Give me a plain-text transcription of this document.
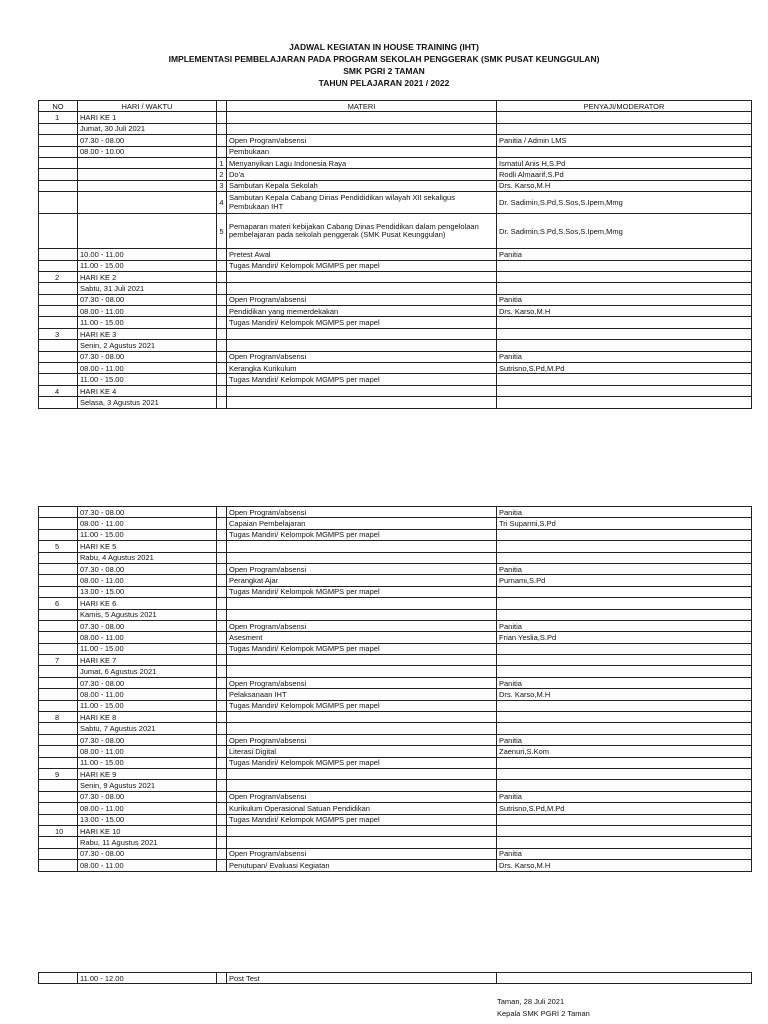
JADWAL KEGIATAN IN HOUSE TRAINING (IHT)
IMPLEMENTASI PEMBELAJARAN PADA PROGRAM SEKOLAH PENGGERAK (SMK PUSAT KEUNGGULAN)
SMK PGRI 2 TAMAN
TAHUN PELAJARAN 2021 / 2022
NO	HARI / WAKTU		MATERI	PENYAJI/MODERATOR
1	HARI KE 1			
	Jumat, 30 Juli 2021			
	07.30 - 08.00		Open Program/absensi	Panitia / Admin LMS
	08.00 - 10.00		Pembukaan	
		1	Menyanyikan Lagu Indonesia Raya	Ismatul Anis H,S.Pd
		2	Do'a	Rodli Almaarif,S.Pd
		3	Sambutan Kepala Sekolah	Drs. Karso,M.H
		4	Sambutan Kepala Cabang Dinas Pendididikan wilayah XII sekaligus Pembukaan IHT	Dr. Sadimin,S.Pd,S.Sos,S.Ipem,Mmg
		5	Pemaparan materi kebijakan Cabang Dinas Pendidikan dalam pengelolaan pembelajaran pada sekolah penggerak (SMK Pusat Keunggulan)	Dr. Sadimin,S.Pd,S.Sos,S.Ipem,Mmg
	10.00 - 11.00		Pretest Awal	Panitia
	11.00 - 15.00		Tugas Mandiri/ Kelompok MGMPS per mapel	
2	HARI KE 2			
	Sabtu, 31 Juli 2021			
	07.30 - 08.00		Open Program/absensi	Panitia
	08.00 - 11.00		Pendidikan yang memerdekakan	Drs. Karso,M.H
	11.00 - 15.00		Tugas Mandiri/ Kelompok MGMPS per mapel	
3	HARI KE 3			
	Senin, 2 Agustus 2021			
	07.30 - 08.00		Open Program/absensi	Panitia
	08.00 - 11.00		Kerangka Kurikulum	Sutrisno,S.Pd,M.Pd
	11.00 - 15.00		Tugas Mandiri/ Kelompok MGMPS per mapel	
4	HARI KE 4			
	Selasa, 3 Agustus 2021			
	07.30 - 08.00		Open Program/absensi	Panitia
	08.00 - 11.00		Capaian Pembelajaran	Tri Suparmi,S.Pd
	11.00 - 15.00		Tugas Mandiri/ Kelompok MGMPS per mapel	
5	HARI KE 5			
	Rabu, 4 Agustus 2021			
	07.30 - 08.00		Open Program/absensi	Panitia
	08.00 - 11.00		Perangkat Ajar	Purnami,S.Pd
	13.00 - 15.00		Tugas Mandiri/ Kelompok MGMPS per mapel	
6	HARI KE 6			
	Kamis, 5 Agustus 2021			
	07.30 - 08.00		Open Program/absensi	Panitia
	08.00 - 11.00		Asesment	Frian Yeslia,S.Pd
	11.00 - 15.00		Tugas Mandiri/ Kelompok MGMPS per mapel	
7	HARI KE 7			
	Jumat, 6 Agustus 2021			
	07.30 - 08.00		Open Program/absensi	Panitia
	08.00 - 11.00		Pelaksanaan IHT	Drs. Karso,M.H
	11.00 - 15.00		Tugas Mandiri/ Kelompok MGMPS per mapel	
8	HARI KE 8			
	Sabtu, 7 Agustus 2021			
	07.30 - 08.00		Open Program/absensi	Panitia
	08.00 - 11.00		Literasi Digital	Zaenuri,S.Kom
	11.00 - 15.00		Tugas Mandiri/ Kelompok MGMPS per mapel	
9	HARI KE 9			
	Senin, 9 Agustus 2021			
	07.30 - 08.00		Open Program/absensi	Panitia
	08.00 - 11.00		Kurikulum Operasional Satuan Pendidikan	Sutrisno,S.Pd,M.Pd
	13.00 - 15.00		Tugas Mandiri/ Kelompok MGMPS per mapel	
10	HARI KE 10			
	Rabu, 11 Agustus 2021			
	07.30 - 08.00		Open Program/absensi	Panitia
	08.00 - 11.00		Penutupan/ Evaluasi Kegiatan	Drs. Karso,M.H
	11.00 - 12.00		Post Test	
Taman, 28 Juli 2021
Kepala SMK PGRI 2 Taman
